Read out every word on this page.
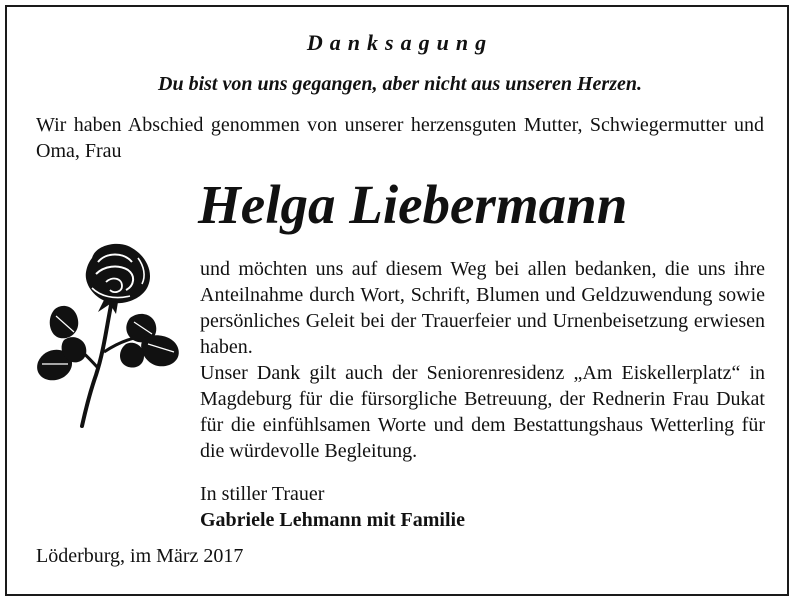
Danksagung
Du bist von uns gegangen, aber nicht aus unseren Herzen.
Wir haben Abschied genommen von unserer herzensguten Mutter, Schwiegermutter und Oma, Frau
Helga Liebermann

und möchten uns auf diesem Weg bei allen bedanken, die uns ihre Anteilnahme durch Wort, Schrift, Blumen und Geldzuwendung sowie persönliches Geleit bei der Trauerfeier und Urnenbeisetzung erwiesen haben.

Unser Dank gilt auch der Seniorenresidenz „Am Eiskellerplatz“ in Magdeburg für die fürsorgliche Betreuung, der Rednerin Frau Dukat für die einfühlsamen Worte und dem Bestattungshaus Wetterling für die würdevolle Begleitung.

In stiller Trauer
Gabriele Lehmann mit Familie
Löderburg, im März 2017
